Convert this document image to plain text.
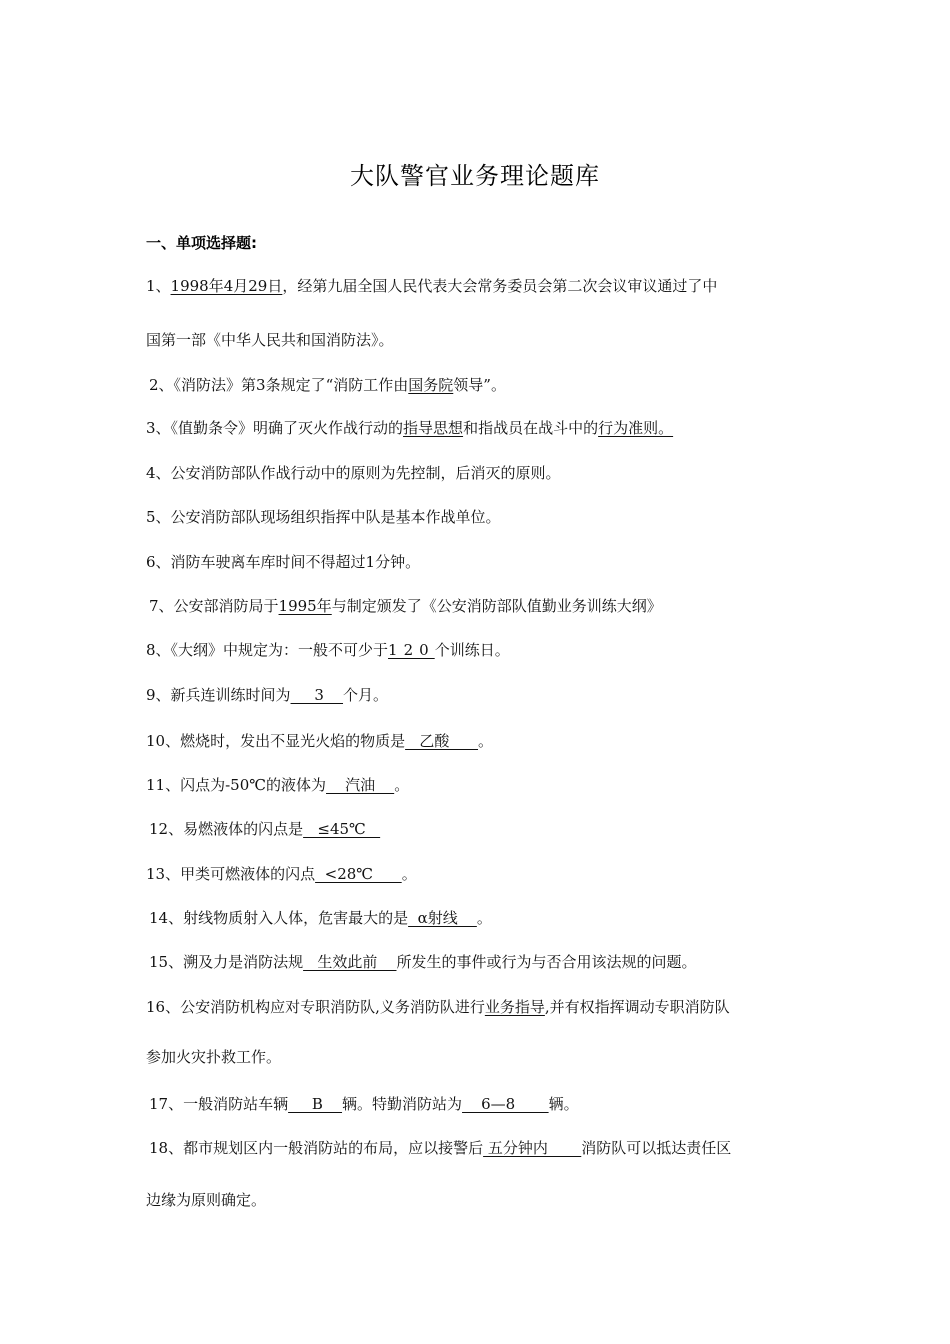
大队警官业务理论题库
一、单项选择题:
1、1998年4月29日，经第九届全国人民代表大会常务委员会第二次会议审议通过了中
国第一部《中华人民共和国消防法》。
2、《消防法》第3条规定了“消防工作由国务院领导”。
3、《值勤条令》明确了灭火作战行动的指导思想和指战员在战斗中的行为准则。
4、公安消防部队作战行动中的原则为先控制，后消灭的原则。
5、公安消防部队现场组织指挥中队是基本作战单位。
6、消防车驶离车库时间不得超过1分钟。
7、公安部消防局于1995年与制定颁发了《公安消防部队值勤业务训练大纲》
8、《大纲》中规定为：一般不可少于120个训练日。
9、新兵连训练时间为     3    个月。
10、燃烧时，发出不显光火焰的物质是   乙酸      。
11、闪点为-50℃的液体为    汽油    。
12、易燃液体的闪点是   ≤45℃
13、甲类可燃液体的闪点  <28℃      。
14、射线物质射入人体，危害最大的是  α射线    。
15、溯及力是消防法规   生效此前    所发生的事件或行为与否合用该法规的问题。
16、公安消防机构应对专职消防队,义务消防队进行业务指导,并有权指挥调动专职消防队
参加火灾扑救工作。
17、一般消防站车辆     B    辆。特勤消防站为    6—8       辆。
18、都市规划区内一般消防站的布局，应以接警后 五分钟内       消防队可以抵达责任区
边缘为原则确定。
